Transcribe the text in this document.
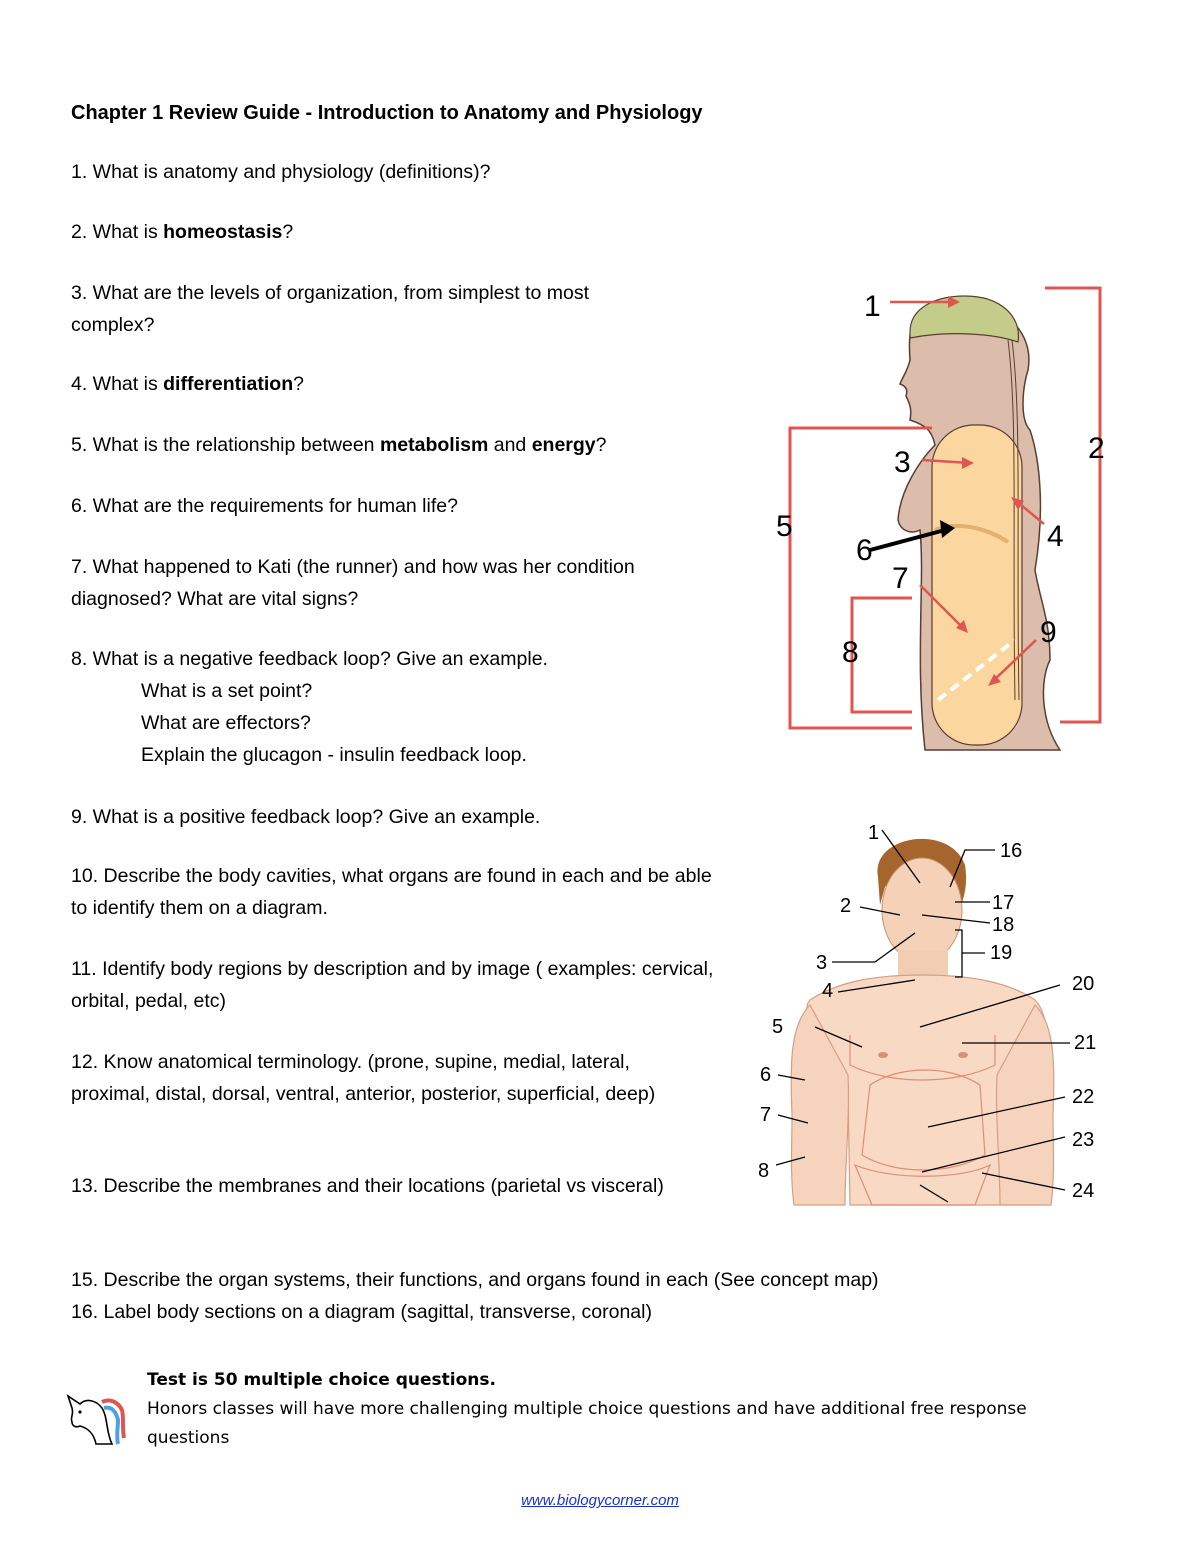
Chapter 1 Review Guide - Introduction to Anatomy and Physiology
1. What is anatomy and physiology (definitions)?
2. What is homeostasis?
3. What are the levels of organization, from simplest to most complex?
4. What is differentiation?
5. What is the relationship between metabolism and energy?
6. What are the requirements for human life?
7. What happened to Kati (the runner) and how was her condition diagnosed? What are vital signs?
8. What is a negative feedback loop? Give an example.
What is a set point?
What are effectors?
Explain the glucagon - insulin feedback loop.
9. What is a positive feedback loop? Give an example.
10. Describe the body cavities, what organs are found in each and be able to identify them on a diagram.
11. Identify body regions by description and by image ( examples: cervical, orbital, pedal, etc)
12. Know anatomical terminology. (prone, supine, medial, lateral, proximal, distal, dorsal, ventral, anterior, posterior, superficial, deep)
13. Describe the membranes and their locations (parietal vs visceral)
15. Describe the organ systems, their functions, and organs found in each (See concept map)
16. Label body sections on a diagram (sagittal, transverse, coronal)
1
2
3
4
5
6
7
8
9
1
2
3
4
5
6
7
8
16
17
18
19
20
21
22
23
24
Test is 50 multiple choice questions.
Honors classes will have more challenging multiple choice questions and have additional free response questions
www.biologycorner.com
